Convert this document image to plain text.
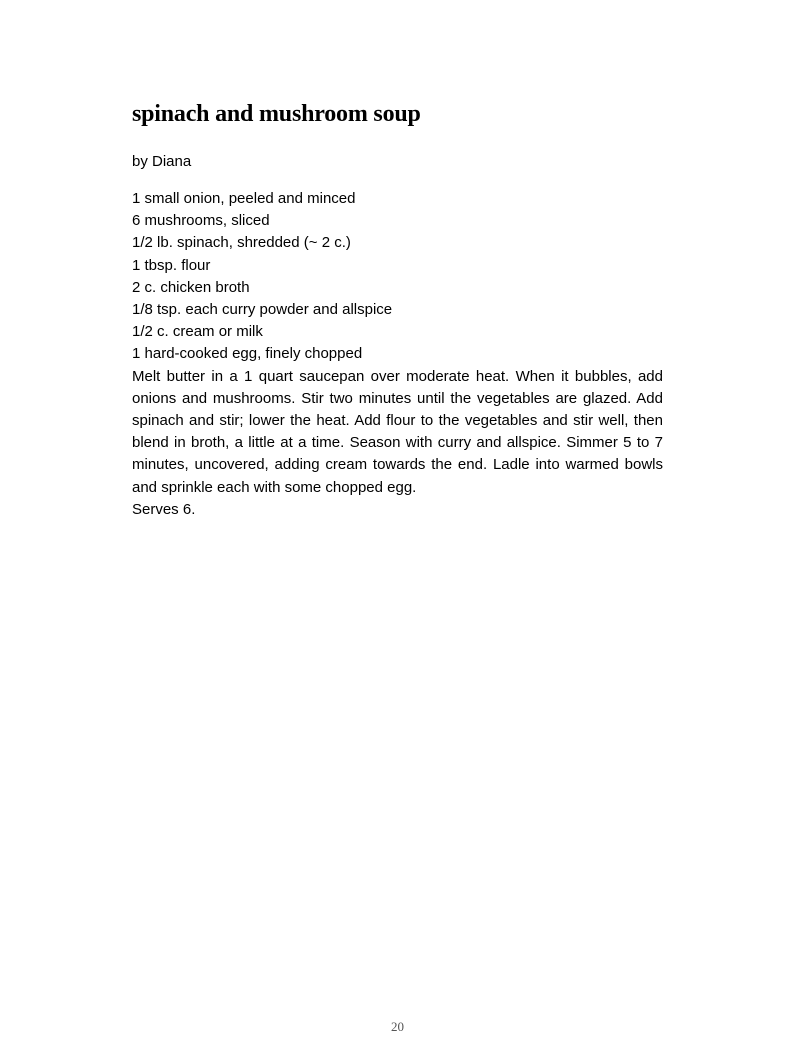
spinach and mushroom soup

by Diana

1 small onion, peeled and minced
6 mushrooms, sliced
1/2 lb. spinach, shredded (~ 2 c.)
1 tbsp. flour
2 c. chicken broth
1/8 tsp. each curry powder and allspice
1/2 c. cream or milk
1 hard-cooked egg, finely chopped

Melt butter in a 1 quart saucepan over moderate heat. When it bubbles, add onions and mushrooms. Stir two minutes until the vegetables are glazed. Add spinach and stir; lower the heat. Add flour to the vegetables and stir well, then blend in broth, a little at a time. Season with curry and allspice. Simmer 5 to 7 minutes, uncovered, adding cream towards the end. Ladle into warmed bowls and sprinkle each with some chopped egg.

Serves 6.

20
